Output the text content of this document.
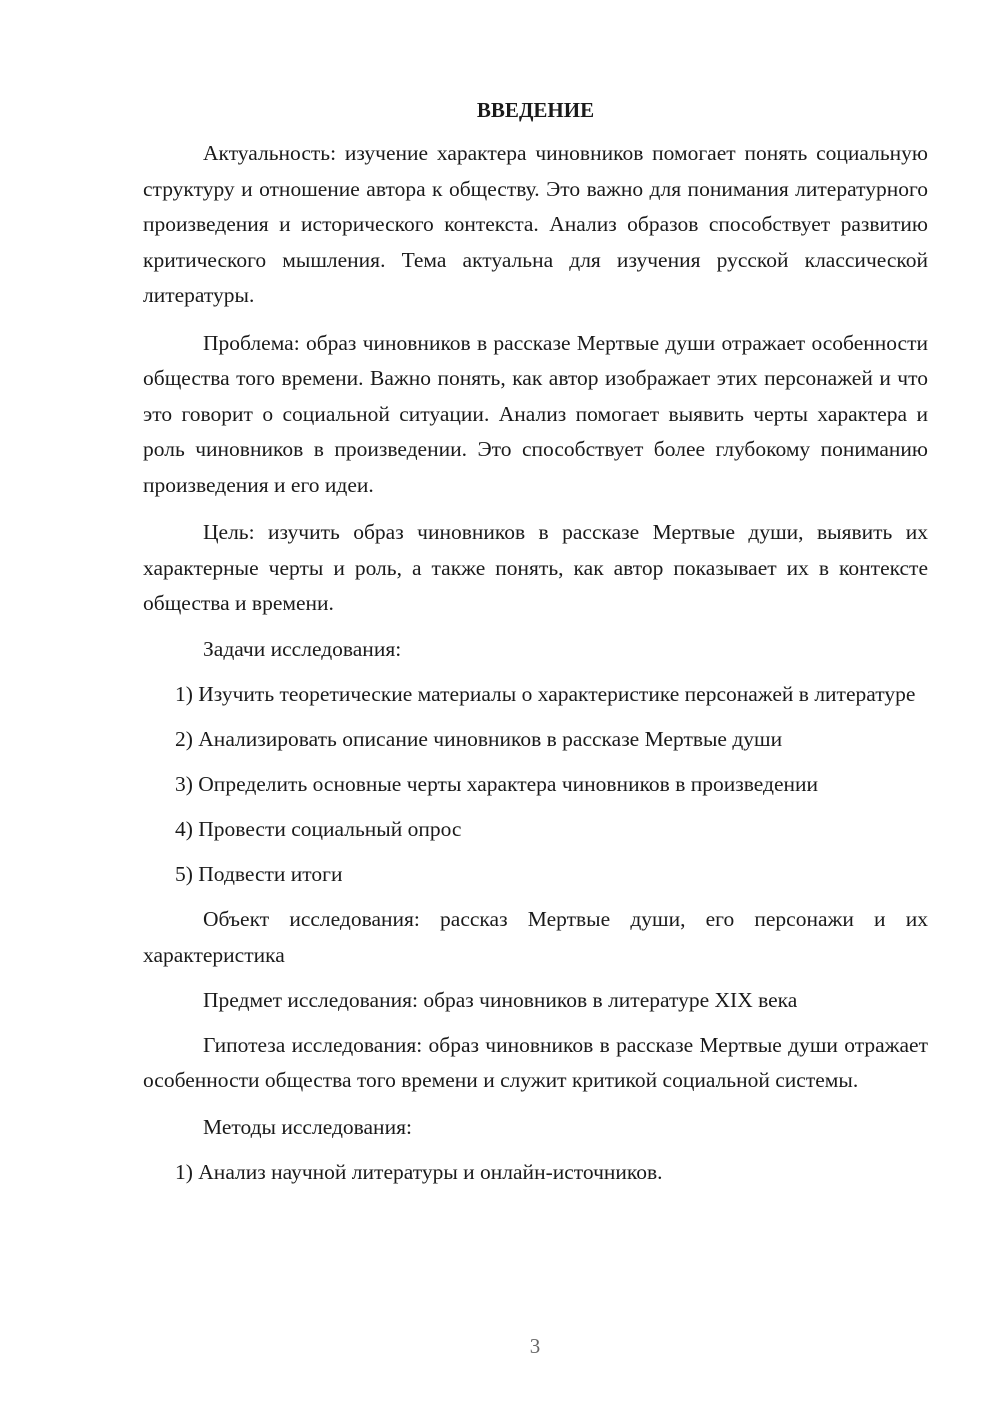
ВВЕДЕНИЕ

Актуальность: изучение характера чиновников помогает понять социальную структуру и отношение автора к обществу. Это важно для понимания литературного произведения и исторического контекста. Анализ образов способствует развитию критического мышления. Тема актуальна для изучения русской классической литературы.

Проблема: образ чиновников в рассказе Мертвые души отражает особенности общества того времени. Важно понять, как автор изображает этих персонажей и что это говорит о социальной ситуации. Анализ помогает выявить черты характера и роль чиновников в произведении. Это способствует более глубокому пониманию произведения и его идеи.

Цель: изучить образ чиновников в рассказе Мертвые души, выявить их характерные черты и роль, а также понять, как автор показывает их в контексте общества и времени.

Задачи исследования:

1) Изучить теоретические материалы о характеристике персонажей в литературе

2) Анализировать описание чиновников в рассказе Мертвые души

3) Определить основные черты характера чиновников в произведении

4) Провести социальный опрос

5) Подвести итоги

Объект исследования: рассказ Мертвые души, его персонажи и их характеристика

Предмет исследования: образ чиновников в литературе XIX века

Гипотеза исследования: образ чиновников в рассказе Мертвые души отражает особенности общества того времени и служит критикой социальной системы.

Методы исследования:

1) Анализ научной литературы и онлайн-источников.

3
